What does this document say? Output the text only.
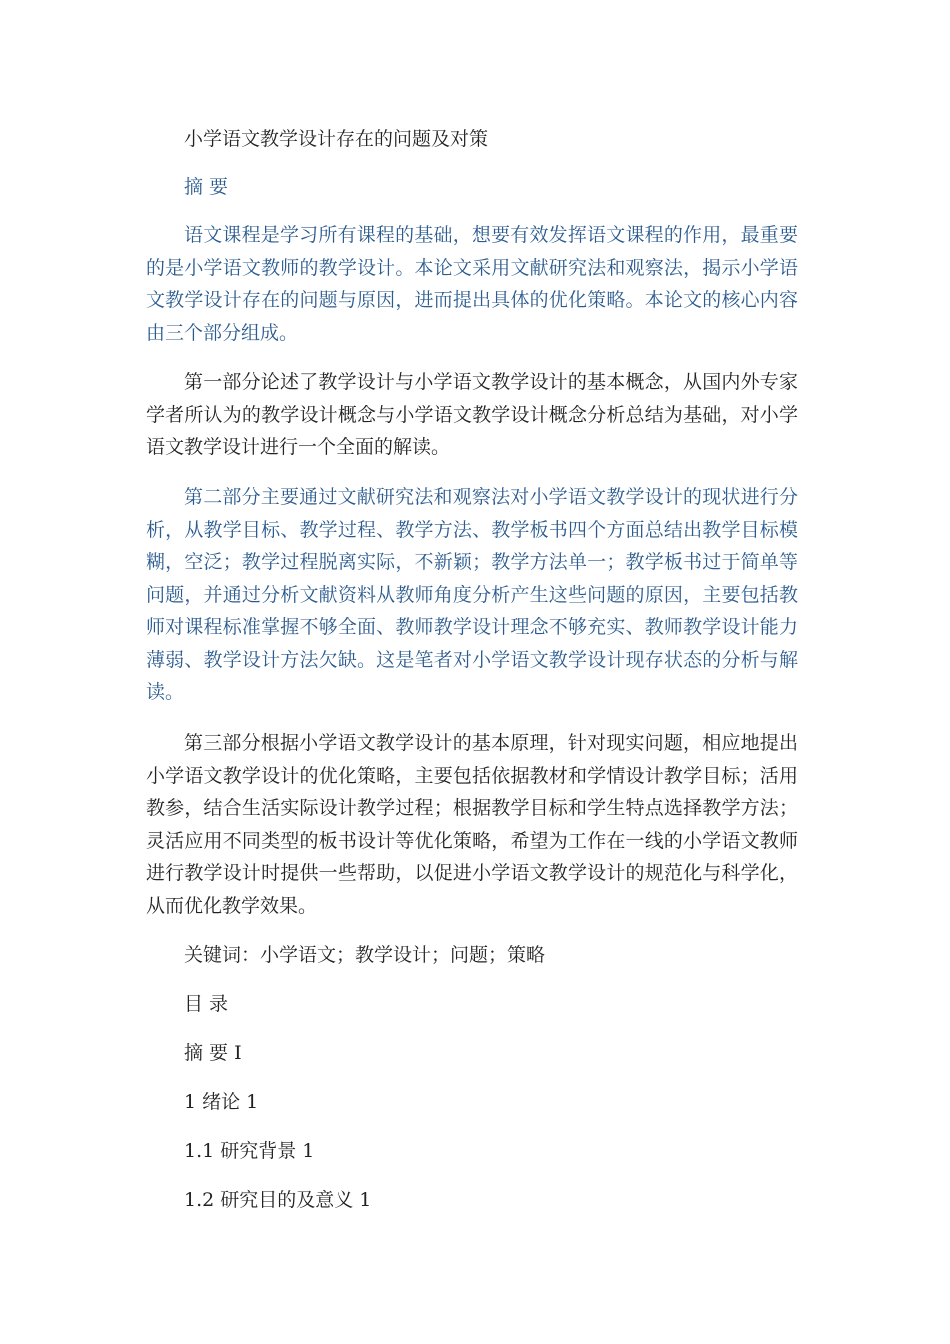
小学语文教学设计存在的问题及对策
摘 要

语文课程是学习所有课程的基础，想要有效发挥语文课程的作用，最重要的是小学语文教师的教学设计。本论文采用文献研究法和观察法，揭示小学语文教学设计存在的问题与原因，进而提出具体的优化策略。本论文的核心内容由三个部分组成。

第一部分论述了教学设计与小学语文教学设计的基本概念，从国内外专家学者所认为的教学设计概念与小学语文教学设计概念分析总结为基础，对小学语文教学设计进行一个全面的解读。

第二部分主要通过文献研究法和观察法对小学语文教学设计的现状进行分析，从教学目标、教学过程、教学方法、教学板书四个方面总结出教学目标模糊，空泛；教学过程脱离实际，不新颖；教学方法单一；教学板书过于简单等问题，并通过分析文献资料从教师角度分析产生这些问题的原因，主要包括教师对课程标准掌握不够全面、教师教学设计理念不够充实、教师教学设计能力薄弱、教学设计方法欠缺。这是笔者对小学语文教学设计现存状态的分析与解读。

第三部分根据小学语文教学设计的基本原理，针对现实问题，相应地提出小学语文教学设计的优化策略，主要包括依据教材和学情设计教学目标；活用教参，结合生活实际设计教学过程；根据教学目标和学生特点选择教学方法；灵活应用不同类型的板书设计等优化策略，希望为工作在一线的小学语文教师进行教学设计时提供一些帮助，以促进小学语文教学设计的规范化与科学化，从而优化教学效果。

关键词：小学语文；教学设计；问题；策略
目 录
摘 要 I
1 绪论 1
1.1 研究背景 1
1.2 研究目的及意义 1
